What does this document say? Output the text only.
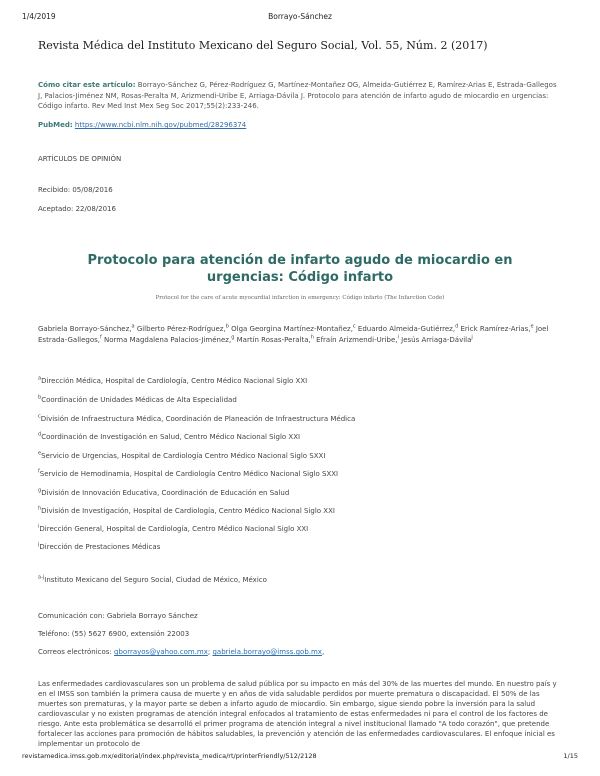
1/4/2019	Borrayo-Sánchez
Revista Médica del Instituto Mexicano del Seguro Social, Vol. 55, Núm. 2 (2017)
Cómo citar este artículo: Borrayo-Sánchez G, Pérez-Rodríguez G, Martínez-Montañez OG, Almeida-Gutiérrez E, Ramírez-Arias E, Estrada-Gallegos J, Palacios-Jiménez NM, Rosas-Peralta M, Arizmendi-Uribe E, Arriaga-Dávila J. Protocolo para atención de infarto agudo de miocardio en urgencias: Código infarto. Rev Med Inst Mex Seg Soc 2017;55(2):233-246.
PubMed: https://www.ncbi.nlm.nih.gov/pubmed/28296374
ARTÍCULOS DE OPINIÓN
Recibido: 05/08/2016
Aceptado: 22/08/2016
Protocolo para atención de infarto agudo de miocardio en urgencias: Código infarto
Protocol for the care of acute myocardial infarction in emergency: Código infarto (The Infarction Code)
Gabriela Borrayo-Sánchez,$^a$ Gilberto Pérez-Rodríguez,$^b$ Olga Georgina Martínez-Montañez,$^c$ Eduardo Almeida-Gutiérrez,$^d$ Erick Ramírez-Arias,$^e$ Joel Estrada-Gallegos,$^f$ Norma Magdalena Palacios-Jiménez,$^g$ Martín Rosas-Peralta,$^h$ Efraín Arizmendi-Uribe,$^i$ Jesús Arriaga-Dávila$^j$
$^a$Dirección Médica, Hospital de Cardiología, Centro Médico Nacional Siglo XXI
$^b$Coordinación de Unidades Médicas de Alta Especialidad
$^c$División de Infraestructura Médica, Coordinación de Planeación de Infraestructura Médica
$^d$Coordinación de Investigación en Salud, Centro Médico Nacional Siglo XXI
$^e$Servicio de Urgencias, Hospital de Cardiología Centro Médico Nacional Siglo SXXI
$^f$Servicio de Hemodinamia, Hospital de Cardiología Centro Médico Nacional Siglo SXXI
$^g$División de Innovación Educativa, Coordinación de Educación en Salud
$^h$División de Investigación, Hospital de Cardiología, Centro Médico Nacional Siglo XXI
$^i$Dirección General, Hospital de Cardiología, Centro Médico Nacional Siglo XXI
$^j$Dirección de Prestaciones Médicas
$^{a-j}$Instituto Mexicano del Seguro Social, Ciudad de México, México
Comunicación con: Gabriela Borrayo Sánchez
Teléfono: (55) 5627 6900, extensión 22003
Correos electrónicos: gborrayos@yahoo.com.mx; gabriela.borrayo@imss.gob.mx,
Las enfermedades cardiovasculares son un problema de salud pública por su impacto en más del 30% de las muertes del mundo. En nuestro país y en el IMSS son también la primera causa de muerte y en años de vida saludable perdidos por muerte prematura o discapacidad. El 50% de las muertes son prematuras, y la mayor parte se deben a infarto agudo de miocardio. Sin embargo, sigue siendo pobre la inversión para la salud cardiovascular y no existen programas de atención integral enfocados al tratamiento de estas enfermedades ni para el control de los factores de riesgo. Ante esta problemática se desarrolló el primer programa de atención integral a nivel institucional llamado "A todo corazón", que pretende fortalecer las acciones para promoción de hábitos saludables, la prevención y atención de las enfermedades cardiovasculares. El enfoque inicial es implementar un protocolo de
revistamedica.imss.gob.mx/editorial/index.php/revista_medica/rt/printerFriendly/512/2128	1/15
